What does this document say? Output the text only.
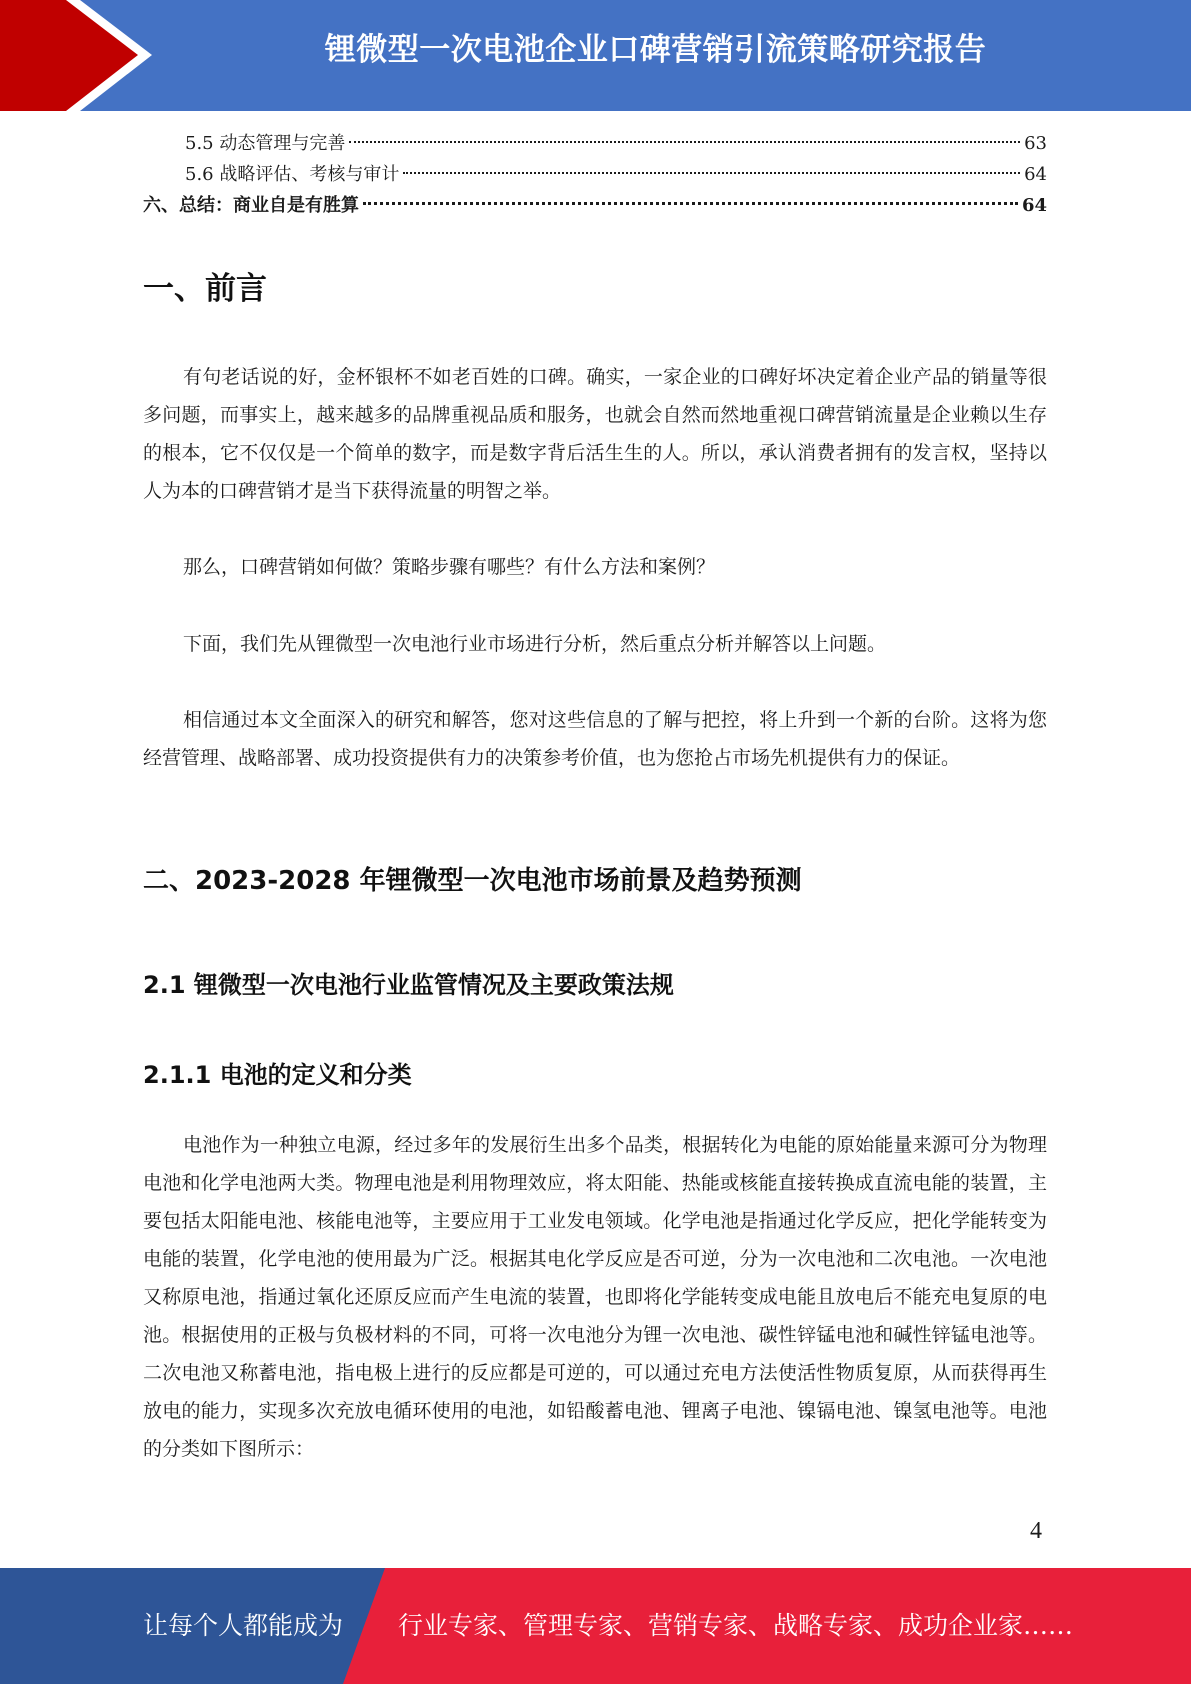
锂微型一次电池企业口碑营销引流策略研究报告
5.5 动态管理与完善	63
5.6 战略评估、考核与审计	64
六、总结：商业自是有胜算	64
一、前言

有句老话说的好，金杯银杯不如老百姓的口碑。确实，一家企业的口碑好坏决定着企业产品的销量等很多问题，而事实上，越来越多的品牌重视品质和服务，也就会自然而然地重视口碑营销流量是企业赖以生存的根本，它不仅仅是一个简单的数字，而是数字背后活生生的人。所以，承认消费者拥有的发言权，坚持以人为本的口碑营销才是当下获得流量的明智之举。

那么，口碑营销如何做？策略步骤有哪些？有什么方法和案例？

下面，我们先从锂微型一次电池行业市场进行分析，然后重点分析并解答以上问题。

相信通过本文全面深入的研究和解答，您对这些信息的了解与把控，将上升到一个新的台阶。这将为您经营管理、战略部署、成功投资提供有力的决策参考价值，也为您抢占市场先机提供有力的保证。

二、2023-2028 年锂微型一次电池市场前景及趋势预测
2.1 锂微型一次电池行业监管情况及主要政策法规
2.1.1 电池的定义和分类

电池作为一种独立电源，经过多年的发展衍生出多个品类，根据转化为电能的原始能量来源可分为物理电池和化学电池两大类。物理电池是利用物理效应，将太阳能、热能或核能直接转换成直流电能的装置，主要包括太阳能电池、核能电池等，主要应用于工业发电领域。化学电池是指通过化学反应，把化学能转变为电能的装置，化学电池的使用最为广泛。根据其电化学反应是否可逆，分为一次电池和二次电池。一次电池又称原电池，指通过氧化还原反应而产生电流的装置，也即将化学能转变成电能且放电后不能充电复原的电池。根据使用的正极与负极材料的不同，可将一次电池分为锂一次电池、碳性锌锰电池和碱性锌锰电池等。二次电池又称蓄电池，指电极上进行的反应都是可逆的，可以通过充电方法使活性物质复原，从而获得再生放电的能力，实现多次充放电循环使用的电池，如铅酸蓄电池、锂离子电池、镍镉电池、镍氢电池等。电池的分类如下图所示：

4
让每个人都能成为 行业专家、管理专家、营销专家、战略专家、成功企业家……
